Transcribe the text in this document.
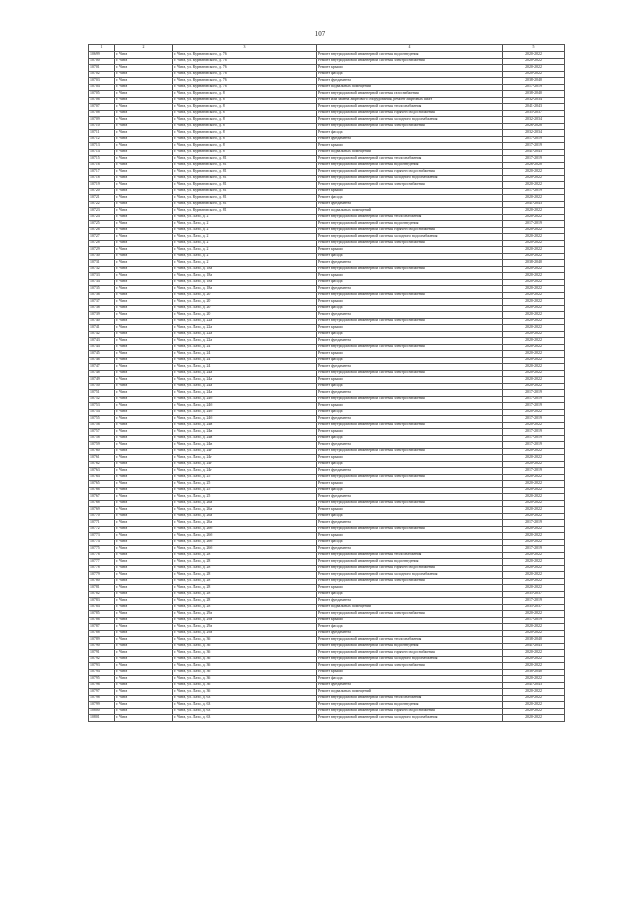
107
1	2	3	4	5
10699	г. Чита	г. Чита, ул. Курнатовского, д. 76	Ремонт внутридомовой инженерной системы водоотведения	2020-2022
10700	г. Чита	г. Чита, ул. Курнатовского, д. 76	Ремонт внутридомовой инженерной системы электроснабжения	2020-2022
10701	г. Чита	г. Чита, ул. Курнатовского, д. 76	Ремонт крыши	2020-2022
10702	г. Чита	г. Чита, ул. Курнатовского, д. 76	Ремонт фасада	2020-2022
10703	г. Чита	г. Чита, ул. Курнатовского, д. 76	Ремонт фундамента	2038-2040
10704	г. Чита	г. Чита, ул. Курнатовского, д. 76	Ремонт подвальных помещений	2017-2019
10705	г. Чита	г. Чита, ул. Курнатовского, д. 8	Ремонт внутридомовой инженерной системы газоснабжения	2038-2040
10706	г. Чита	г. Чита, ул. Курнатовского, д. 8	Ремонт или замена лифтового оборудования, ремонт лифтовых шахт	2032-2034
10707	г. Чита	г. Чита, ул. Курнатовского, д. 8	Ремонт внутридомовой инженерной системы теплоснабжения	2041-2043
10708	г. Чита	г. Чита, ул. Курнатовского, д. 8	Ремонт внутридомовой инженерной системы горячего водоснабжения	2035-2037
10709	г. Чита	г. Чита, ул. Курнатовского, д. 8	Ремонт внутридомовой инженерной системы холодного водоснабжения	2032-2034
10710	г. Чита	г. Чита, ул. Курнатовского, д. 8	Ремонт внутридомовой инженерной системы электроснабжения	2026-2028
10711	г. Чита	г. Чита, ул. Курнатовского, д. 8	Ремонт фасада	2032-2034
10712	г. Чита	г. Чита, ул. Курнатовского, д. 8	Ремонт фундамента	2017-2019
10713	г. Чита	г. Чита, ул. Курнатовского, д. 8	Ремонт крыши	2017-2019
10714	г. Чита	г. Чита, ул. Курнатовского, д. 8	Ремонт подвальных помещений	2041-2043
10715	г. Чита	г. Чита, ул. Курнатовского, д. 81	Ремонт внутридомовой инженерной системы теплоснабжения	2017-2019
10716	г. Чита	г. Чита, ул. Курнатовского, д. 81	Ремонт внутридомовой инженерной системы водоотведения	2026-2028
10717	г. Чита	г. Чита, ул. Курнатовского, д. 81	Ремонт внутридомовой инженерной системы горячего водоснабжения	2020-2022
10718	г. Чита	г. Чита, ул. Курнатовского, д. 81	Ремонт внутридомовой инженерной системы холодного водоснабжения	2020-2022
10719	г. Чита	г. Чита, ул. Курнатовского, д. 81	Ремонт внутридомовой инженерной системы электроснабжения	2020-2022
10720	г. Чита	г. Чита, ул. Курнатовского, д. 81	Ремонт крыши	2017-2019
10721	г. Чита	г. Чита, ул. Курнатовского, д. 81	Ремонт фасада	2020-2022
10722	г. Чита	г. Чита, ул. Курнатовского, д. 81	Ремонт фундамента	2041-2043
10723	г. Чита	г. Чита, ул. Курнатовского, д. 81	Ремонт подвальных помещений	2020-2022
10724	г. Чита	г. Чита, ул. Лазо, д. 2	Ремонт внутридомовой инженерной системы теплоснабжения	2020-2022
10725	г. Чита	г. Чита, ул. Лазо, д. 2	Ремонт внутридомовой инженерной системы водоотведения	2017-2019
10726	г. Чита	г. Чита, ул. Лазо, д. 2	Ремонт внутридомовой инженерной системы горячего водоснабжения	2020-2022
10727	г. Чита	г. Чита, ул. Лазо, д. 2	Ремонт внутридомовой инженерной системы холодного водоснабжения	2020-2022
10728	г. Чита	г. Чита, ул. Лазо, д. 2	Ремонт внутридомовой инженерной системы электроснабжения	2020-2022
10729	г. Чита	г. Чита, ул. Лазо, д. 2	Ремонт крыши	2020-2022
10730	г. Чита	г. Чита, ул. Лазо, д. 2	Ремонт фасада	2020-2022
10731	г. Чита	г. Чита, ул. Лазо, д. 2	Ремонт фундамента	2038-2040
10732	г. Чита	г. Чита, ул. Лазо, д. 18а	Ремонт внутридомовой инженерной системы электроснабжения	2020-2022
10733	г. Чита	г. Чита, ул. Лазо, д. 18а	Ремонт крыши	2020-2022
10734	г. Чита	г. Чита, ул. Лазо, д. 18а	Ремонт фасада	2020-2022
10735	г. Чита	г. Чита, ул. Лазо, д. 18а	Ремонт фундамента	2020-2022
10736	г. Чита	г. Чита, ул. Лазо, д. 20	Ремонт внутридомовой инженерной системы электроснабжения	2020-2022
10737	г. Чита	г. Чита, ул. Лазо, д. 20	Ремонт крыши	2020-2022
10738	г. Чита	г. Чита, ул. Лазо, д. 20	Ремонт фасада	2020-2022
10739	г. Чита	г. Чита, ул. Лазо, д. 20	Ремонт фундамента	2020-2022
10740	г. Чита	г. Чита, ул. Лазо, д. 22а	Ремонт внутридомовой инженерной системы электроснабжения	2020-2022
10741	г. Чита	г. Чита, ул. Лазо, д. 22а	Ремонт крыши	2020-2022
10742	г. Чита	г. Чита, ул. Лазо, д. 22а	Ремонт фасада	2020-2022
10743	г. Чита	г. Чита, ул. Лазо, д. 22а	Ремонт фундамента	2020-2022
10744	г. Чита	г. Чита, ул. Лазо, д. 24	Ремонт внутридомовой инженерной системы электроснабжения	2020-2022
10745	г. Чита	г. Чита, ул. Лазо, д. 24	Ремонт крыши	2020-2022
10746	г. Чита	г. Чита, ул. Лазо, д. 24	Ремонт фасада	2020-2022
10747	г. Чита	г. Чита, ул. Лазо, д. 24	Ремонт фундамента	2020-2022
10748	г. Чита	г. Чита, ул. Лазо, д. 24а	Ремонт внутридомовой инженерной системы электроснабжения	2020-2022
10749	г. Чита	г. Чита, ул. Лазо, д. 24а	Ремонт крыши	2020-2022
10750	г. Чита	г. Чита, ул. Лазо, д. 24а	Ремонт фасада	2020-2022
10751	г. Чита	г. Чита, ул. Лазо, д. 24а	Ремонт фундамента	2017-2019
10752	г. Чита	г. Чита, ул. Лазо, д. 24б	Ремонт внутридомовой инженерной системы электроснабжения	2017-2019
10753	г. Чита	г. Чита, ул. Лазо, д. 24б	Ремонт крыши	2017-2019
10754	г. Чита	г. Чита, ул. Лазо, д. 24б	Ремонт фасада	2020-2022
10755	г. Чита	г. Чита, ул. Лазо, д. 24б	Ремонт фундамента	2017-2019
10756	г. Чита	г. Чита, ул. Лазо, д. 24в	Ремонт внутридомовой инженерной системы электроснабжения	2020-2022
10757	г. Чита	г. Чита, ул. Лазо, д. 24в	Ремонт крыши	2017-2019
10758	г. Чита	г. Чита, ул. Лазо, д. 24в	Ремонт фасада	2017-2019
10759	г. Чита	г. Чита, ул. Лазо, д. 24в	Ремонт фундамента	2017-2019
10760	г. Чита	г. Чита, ул. Лазо, д. 24г	Ремонт внутридомовой инженерной системы электроснабжения	2020-2022
10761	г. Чита	г. Чита, ул. Лазо, д. 24г	Ремонт крыши	2020-2022
10762	г. Чита	г. Чита, ул. Лазо, д. 24г	Ремонт фасада	2020-2022
10763	г. Чита	г. Чита, ул. Лазо, д. 24г	Ремонт фундамента	2017-2019
10764	г. Чита	г. Чита, ул. Лазо, д. 25	Ремонт внутридомовой инженерной системы электроснабжения	2020-2022
10765	г. Чита	г. Чита, ул. Лазо, д. 25	Ремонт крыши	2020-2022
10766	г. Чита	г. Чита, ул. Лазо, д. 25	Ремонт фасада	2020-2022
10767	г. Чита	г. Чита, ул. Лазо, д. 25	Ремонт фундамента	2020-2022
10768	г. Чита	г. Чита, ул. Лазо, д. 26а	Ремонт внутридомовой инженерной системы электроснабжения	2020-2022
10769	г. Чита	г. Чита, ул. Лазо, д. 26а	Ремонт крыши	2020-2022
10770	г. Чита	г. Чита, ул. Лазо, д. 26а	Ремонт фасада	2020-2022
10771	г. Чита	г. Чита, ул. Лазо, д. 26а	Ремонт фундамента	2017-2019
10772	г. Чита	г. Чита, ул. Лазо, д. 26б	Ремонт внутридомовой инженерной системы электроснабжения	2020-2022
10773	г. Чита	г. Чита, ул. Лазо, д. 26б	Ремонт крыши	2020-2022
10774	г. Чита	г. Чита, ул. Лазо, д. 26б	Ремонт фасада	2020-2022
10775	г. Чита	г. Чита, ул. Лазо, д. 26б	Ремонт фундамента	2017-2019
10776	г. Чита	г. Чита, ул. Лазо, д. 28	Ремонт внутридомовой инженерной системы теплоснабжения	2020-2022
10777	г. Чита	г. Чита, ул. Лазо, д. 28	Ремонт внутридомовой инженерной системы водоотведения	2020-2022
10778	г. Чита	г. Чита, ул. Лазо, д. 28	Ремонт внутридомовой инженерной системы горячего водоснабжения	2020-2022
10779	г. Чита	г. Чита, ул. Лазо, д. 28	Ремонт внутридомовой инженерной системы холодного водоснабжения	2020-2022
10780	г. Чита	г. Чита, ул. Лазо, д. 28	Ремонт внутридомовой инженерной системы электроснабжения	2020-2022
10781	г. Чита	г. Чита, ул. Лазо, д. 28	Ремонт крыши	2020-2022
10782	г. Чита	г. Чита, ул. Лазо, д. 28	Ремонт фасада	2035-2037
10783	г. Чита	г. Чита, ул. Лазо, д. 28	Ремонт фундамента	2017-2019
10784	г. Чита	г. Чита, ул. Лазо, д. 28	Ремонт подвальных помещений	2035-2037
10785	г. Чита	г. Чита, ул. Лазо, д. 29а	Ремонт внутридомовой инженерной системы электроснабжения	2020-2022
10786	г. Чита	г. Чита, ул. Лазо, д. 29а	Ремонт крыши	2017-2019
10787	г. Чита	г. Чита, ул. Лазо, д. 29а	Ремонт фасада	2020-2022
10788	г. Чита	г. Чита, ул. Лазо, д. 29а	Ремонт фундамента	2020-2022
10789	г. Чита	г. Чита, ул. Лазо, д. 36	Ремонт внутридомовой инженерной системы теплоснабжения	2038-2040
10790	г. Чита	г. Чита, ул. Лазо, д. 36	Ремонт внутридомовой инженерной системы водоотведения	2041-2043
10791	г. Чита	г. Чита, ул. Лазо, д. 36	Ремонт внутридомовой инженерной системы горячего водоснабжения	2020-2022
10792	г. Чита	г. Чита, ул. Лазо, д. 36	Ремонт внутридомовой инженерной системы холодного водоснабжения	2020-2022
10793	г. Чита	г. Чита, ул. Лазо, д. 36	Ремонт внутридомовой инженерной системы электроснабжения	2020-2022
10794	г. Чита	г. Чита, ул. Лазо, д. 36	Ремонт крыши	2038-2040
10795	г. Чита	г. Чита, ул. Лазо, д. 36	Ремонт фасада	2020-2022
10796	г. Чита	г. Чита, ул. Лазо, д. 36	Ремонт фундамента	2041-2043
10797	г. Чита	г. Чита, ул. Лазо, д. 36	Ремонт подвальных помещений	2020-2022
10798	г. Чита	г. Чита, ул. Лазо, д. 63	Ремонт внутридомовой инженерной системы теплоснабжения	2020-2022
10799	г. Чита	г. Чита, ул. Лазо, д. 63	Ремонт внутридомовой инженерной системы водоотведения	2020-2022
10800	г. Чита	г. Чита, ул. Лазо, д. 63	Ремонт внутридомовой инженерной системы горячего водоснабжения	2020-2022
10801	г. Чита	г. Чита, ул. Лазо, д. 63	Ремонт внутридомовой инженерной системы холодного водоснабжения	2020-2022
